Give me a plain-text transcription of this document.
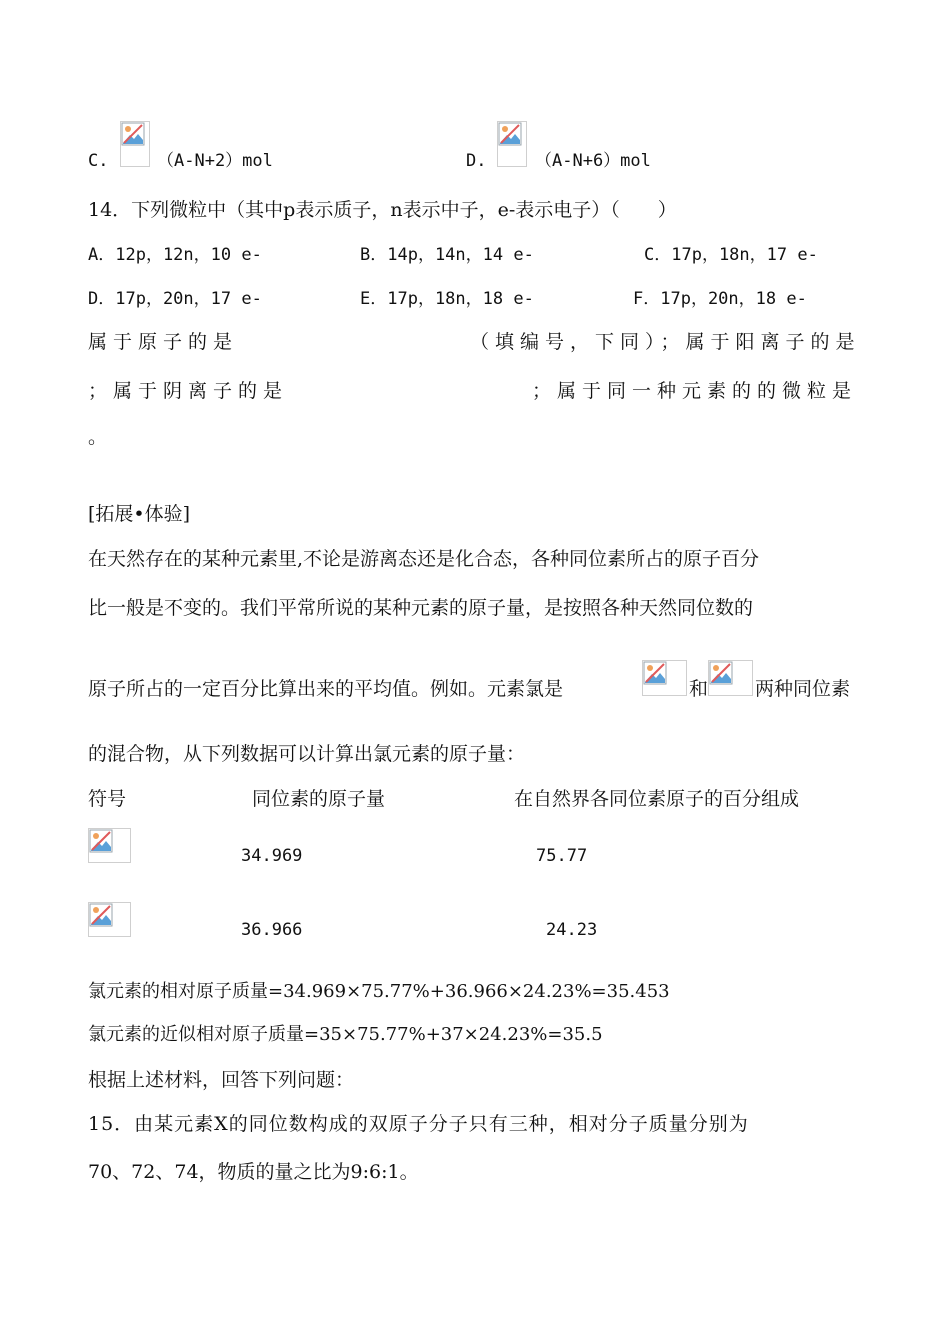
C.	（A-N+2）mol	D.	（A-N+6）mol
14．下列微粒中（其中p表示质子，n表示中子，e-表示电子）（　　）
A．12p，12n，10 e-	B．14p，14n，14 e-	C．17p，18n，17 e-
D．17p，20n，17 e-	E．17p，18n，18 e-	F．17p，20n，18 e-
属于原子的是	（填编号，下同）；属于阳离子的是
；属于阴离子的是	；属于同一种元素的的微粒是
。
[拓展•体验]
在天然存在的某种元素里,不论是游离态还是化合态，各种同位素所占的原子百分
比一般是不变的。我们平常所说的某种元素的原子量，是按照各种天然同位数的
原子所占的一定百分比算出来的平均值。例如。元素氯是	和 两种同位素
的混合物，从下列数据可以计算出氯元素的原子量：
符号	同位素的原子量	在自然界各同位素原子的百分组成
34.969	75.77
36.966	24.23
氯元素的相对原子质量=34.969×75.77%+36.966×24.23%=35.453
氯元素的近似相对原子质量=35×75.77%+37×24.23%=35.5
根据上述材料，回答下列问题：
15．由某元素X的同位数构成的双原子分子只有三种，相对分子质量分别为
70、72、74，物质的量之比为9:6:1。
